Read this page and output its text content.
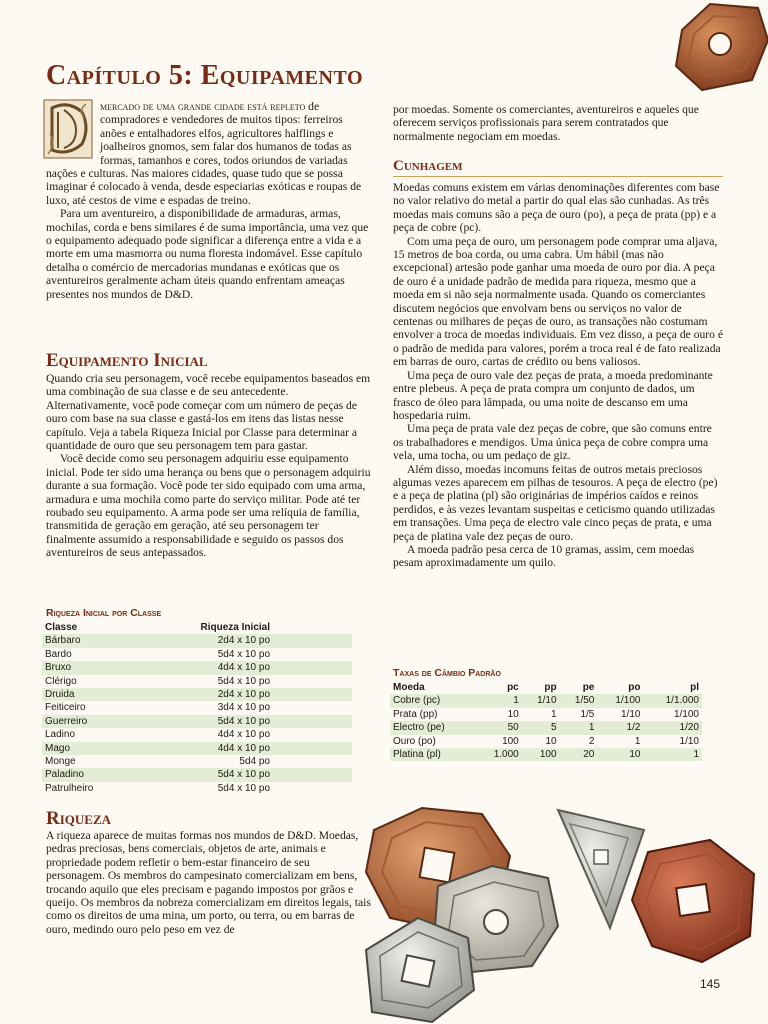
Capítulo 5: Equipamento

mercado de uma grande cidade está repleto de compradores e vendedores de muitos tipos: ferreiros anões e entalhadores elfos, agricultores halflings e joalheiros gnomos, sem falar dos humanos de todas as formas, tamanhos e cores, todos oriundos de variadas nações e culturas. Nas maiores cidades, quase tudo que se possa imaginar é colocado à venda, desde especiarias exóticas e roupas de luxo, até cestos de vime e espadas de treino.

Para um aventureiro, a disponibilidade de armaduras, armas, mochilas, corda e bens similares é de suma importância, uma vez que o equipamento adequado pode significar a diferença entre a vida e a morte em uma masmorra ou numa floresta indomável. Esse capítulo detalha o comércio de mercadorias mundanas e exóticas que os aventureiros geralmente acham úteis quando enfrentam ameaças presentes nos mundos de D&D.

Equipamento Inicial

Quando cria seu personagem, você recebe equipamentos baseados em uma combinação de sua classe e de seu antecedente. Alternativamente, você pode começar com um número de peças de ouro com base na sua classe e gastá-los em itens das listas nesse capítulo. Veja a tabela Riqueza Inicial por Classe para determinar a quantidade de ouro que seu personagem tem para gastar.

Você decide como seu personagem adquiriu esse equipamento inicial. Pode ter sido uma herança ou bens que o personagem adquiriu durante a sua formação. Você pode ter sido equipado com uma arma, armadura e uma mochila como parte do serviço militar. Pode até ter roubado seu equipamento. A arma pode ser uma relíquia de família, transmitida de geração em geração, até seu personagem ter finalmente assumido a responsabilidade e seguido os passos dos aventureiros de seus antepassados.

Riqueza Inicial por Classe
Classe	Riqueza Inicial
Bárbaro	2d4 x 10 po
Bardo	5d4 x 10 po
Bruxo	4d4 x 10 po
Clérigo	5d4 x 10 po
Druida	2d4 x 10 po
Feiticeiro	3d4 x 10 po
Guerreiro	5d4 x 10 po
Ladino	4d4 x 10 po
Mago	4d4 x 10 po
Monge	5d4 po
Paladino	5d4 x 10 po
Patrulheiro	5d4 x 10 po
Riqueza

A riqueza aparece de muitas formas nos mundos de D&D. Moedas, pedras preciosas, bens comerciais, objetos de arte, animais e propriedade podem refletir o bem-estar financeiro de seu personagem. Os membros do campesinato comercializam em bens, trocando aquilo que eles precisam e pagando impostos por grãos e queijo. Os membros da nobreza comercializam em direitos legais, tais como os direitos de uma mina, um porto, ou terra, ou em barras de ouro, medindo ouro pelo peso em vez de

por moedas. Somente os comerciantes, aventureiros e aqueles que oferecem serviços profissionais para serem contratados que normalmente negociam em moedas.

Cunhagem

Moedas comuns existem em várias denominações diferentes com base no valor relativo do metal a partir do qual elas são cunhadas. As três moedas mais comuns são a peça de ouro (po), a peça de prata (pp) e a peça de cobre (pc).

Com uma peça de ouro, um personagem pode comprar uma aljava, 15 metros de boa corda, ou uma cabra. Um hábil (mas não excepcional) artesão pode ganhar uma moeda de ouro por dia. A peça de ouro é a unidade padrão de medida para riqueza, mesmo que a moeda em si não seja normalmente usada. Quando os comerciantes discutem negócios que envolvam bens ou serviços no valor de centenas ou milhares de peças de ouro, as transações não costumam envolver a troca de moedas individuais. Em vez disso, a peça de ouro é o padrão de medida para valores, porém a troca real é de fato realizada em barras de ouro, cartas de crédito ou bens valiosos.

Uma peça de ouro vale dez peças de prata, a moeda predominante entre plebeus. A peça de prata compra um conjunto de dados, um frasco de óleo para lâmpada, ou uma noite de descanso em uma hospedaria ruim.

Uma peça de prata vale dez peças de cobre, que são comuns entre os trabalhadores e mendigos. Uma única peça de cobre compra uma vela, uma tocha, ou um pedaço de giz.

Além disso, moedas incomuns feitas de outros metais preciosos algumas vezes aparecem em pilhas de tesouros. A peça de electro (pe) e a peça de platina (pl) são originárias de impérios caídos e reinos perdidos, e às vezes levantam suspeitas e ceticismo quando utilizadas em transações. Uma peça de electro vale cinco peças de prata, e uma peça de platina vale dez peças de ouro.

A moeda padrão pesa cerca de 10 gramas, assim, cem moedas pesam aproximadamente um quilo.

Taxas de Câmbio Padrão
Moeda	pc	pp	pe	po	pl
Cobre (pc)	1	1/10	1/50	1/100	1/1.000
Prata (pp)	10	1	1/5	1/10	1/100
Electro (pe)	50	5	1	1/2	1/20
Ouro (po)	100	10	2	1	1/10
Platina (pl)	1.000	100	20	10	1
145
